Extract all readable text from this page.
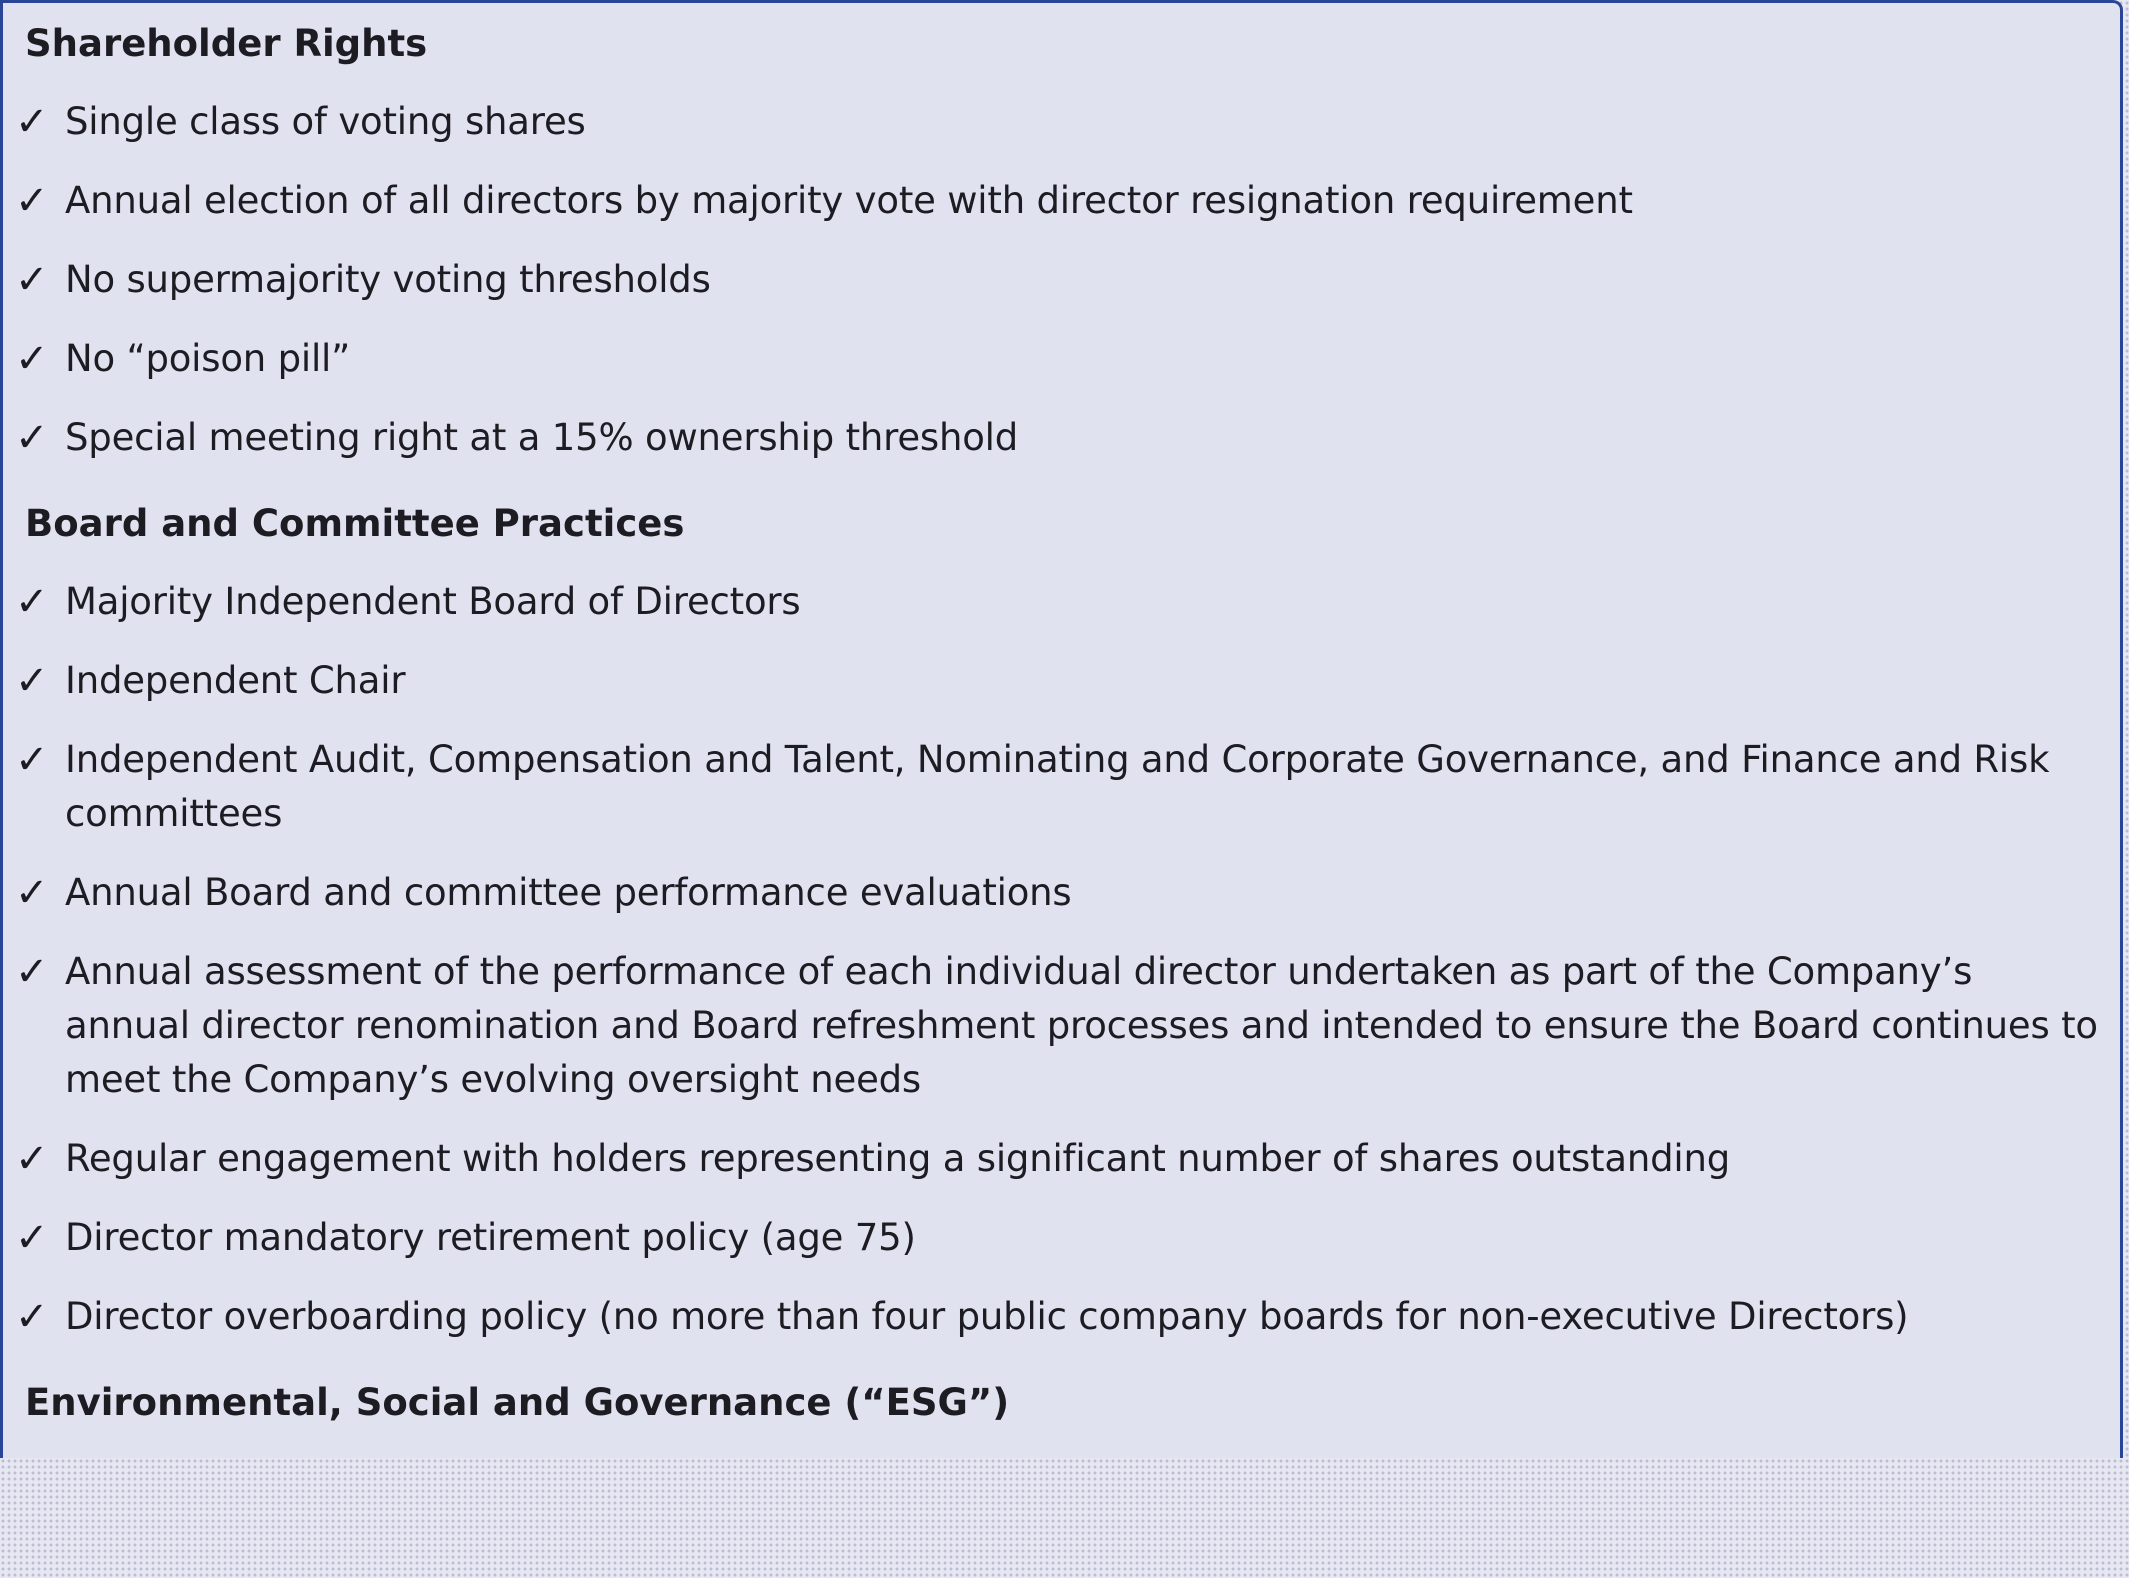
Shareholder Rights
✓ Single class of voting shares
✓ Annual election of all directors by majority vote with director resignation requirement
✓ No supermajority voting thresholds
✓ No “poison pill”
✓ Special meeting right at a 15% ownership threshold
Board and Committee Practices
✓ Majority Independent Board of Directors
✓ Independent Chair
✓ Independent Audit, Compensation and Talent, Nominating and Corporate Governance, and Finance and Risk committees
✓ Annual Board and committee performance evaluations
✓ Annual assessment of the performance of each individual director undertaken as part of the Company’s annual director renomination and Board refreshment processes and intended to ensure the Board continues to meet the Company’s evolving oversight needs
✓ Regular engagement with holders representing a significant number of shares outstanding
✓ Director mandatory retirement policy (age 75)
✓ Director overboarding policy (no more than four public company boards for non-executive Directors)
Environmental, Social and Governance (“ESG”)
